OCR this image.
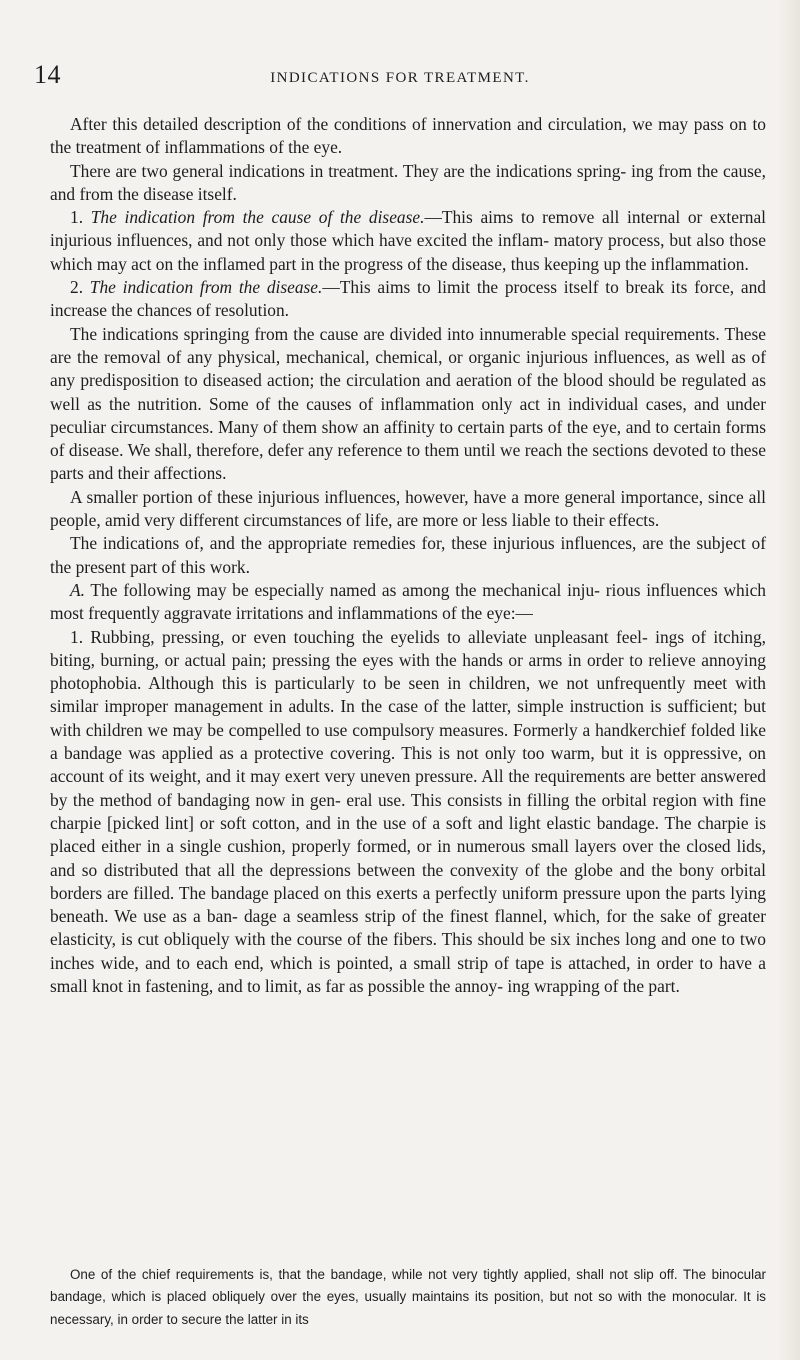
14	INDICATIONS FOR TREATMENT.

After this detailed description of the conditions of innervation and circulation, we may pass on to the treatment of inflammations of the eye.

There are two general indications in treatment. They are the indications spring- ing from the cause, and from the disease itself.

1. The indication from the cause of the disease.—This aims to remove all internal or external injurious influences, and not only those which have excited the inflam- matory process, but also those which may act on the inflamed part in the progress of the disease, thus keeping up the inflammation.

2. The indication from the disease.—This aims to limit the process itself to break its force, and increase the chances of resolution.

The indications springing from the cause are divided into innumerable special requirements. These are the removal of any physical, mechanical, chemical, or organic injurious influences, as well as of any predisposition to diseased action; the circulation and aeration of the blood should be regulated as well as the nutrition. Some of the causes of inflammation only act in individual cases, and under peculiar circumstances. Many of them show an affinity to certain parts of the eye, and to certain forms of disease. We shall, therefore, defer any reference to them until we reach the sections devoted to these parts and their affections.

A smaller portion of these injurious influences, however, have a more general importance, since all people, amid very different circumstances of life, are more or less liable to their effects.

The indications of, and the appropriate remedies for, these injurious influences, are the subject of the present part of this work.

A. The following may be especially named as among the mechanical inju- rious influences which most frequently aggravate irritations and inflammations of the eye:—

1. Rubbing, pressing, or even touching the eyelids to alleviate unpleasant feel- ings of itching, biting, burning, or actual pain; pressing the eyes with the hands or arms in order to relieve annoying photophobia. Although this is particularly to be seen in children, we not unfrequently meet with similar improper management in adults. In the case of the latter, simple instruction is sufficient; but with children we may be compelled to use compulsory measures. Formerly a handkerchief folded like a bandage was applied as a protective covering. This is not only too warm, but it is oppressive, on account of its weight, and it may exert very uneven pressure. All the requirements are better answered by the method of bandaging now in gen- eral use. This consists in filling the orbital region with fine charpie [picked lint] or soft cotton, and in the use of a soft and light elastic bandage. The charpie is placed either in a single cushion, properly formed, or in numerous small layers over the closed lids, and so distributed that all the depressions between the convexity of the globe and the bony orbital borders are filled. The bandage placed on this exerts a perfectly uniform pressure upon the parts lying beneath. We use as a ban- dage a seamless strip of the finest flannel, which, for the sake of greater elasticity, is cut obliquely with the course of the fibers. This should be six inches long and one to two inches wide, and to each end, which is pointed, a small strip of tape is attached, in order to have a small knot in fastening, and to limit, as far as possible the annoy- ing wrapping of the part.

One of the chief requirements is, that the bandage, while not very tightly applied, shall not slip off. The binocular bandage, which is placed obliquely over the eyes, usually maintains its position, but not so with the monocular. It is necessary, in order to secure the latter in its
